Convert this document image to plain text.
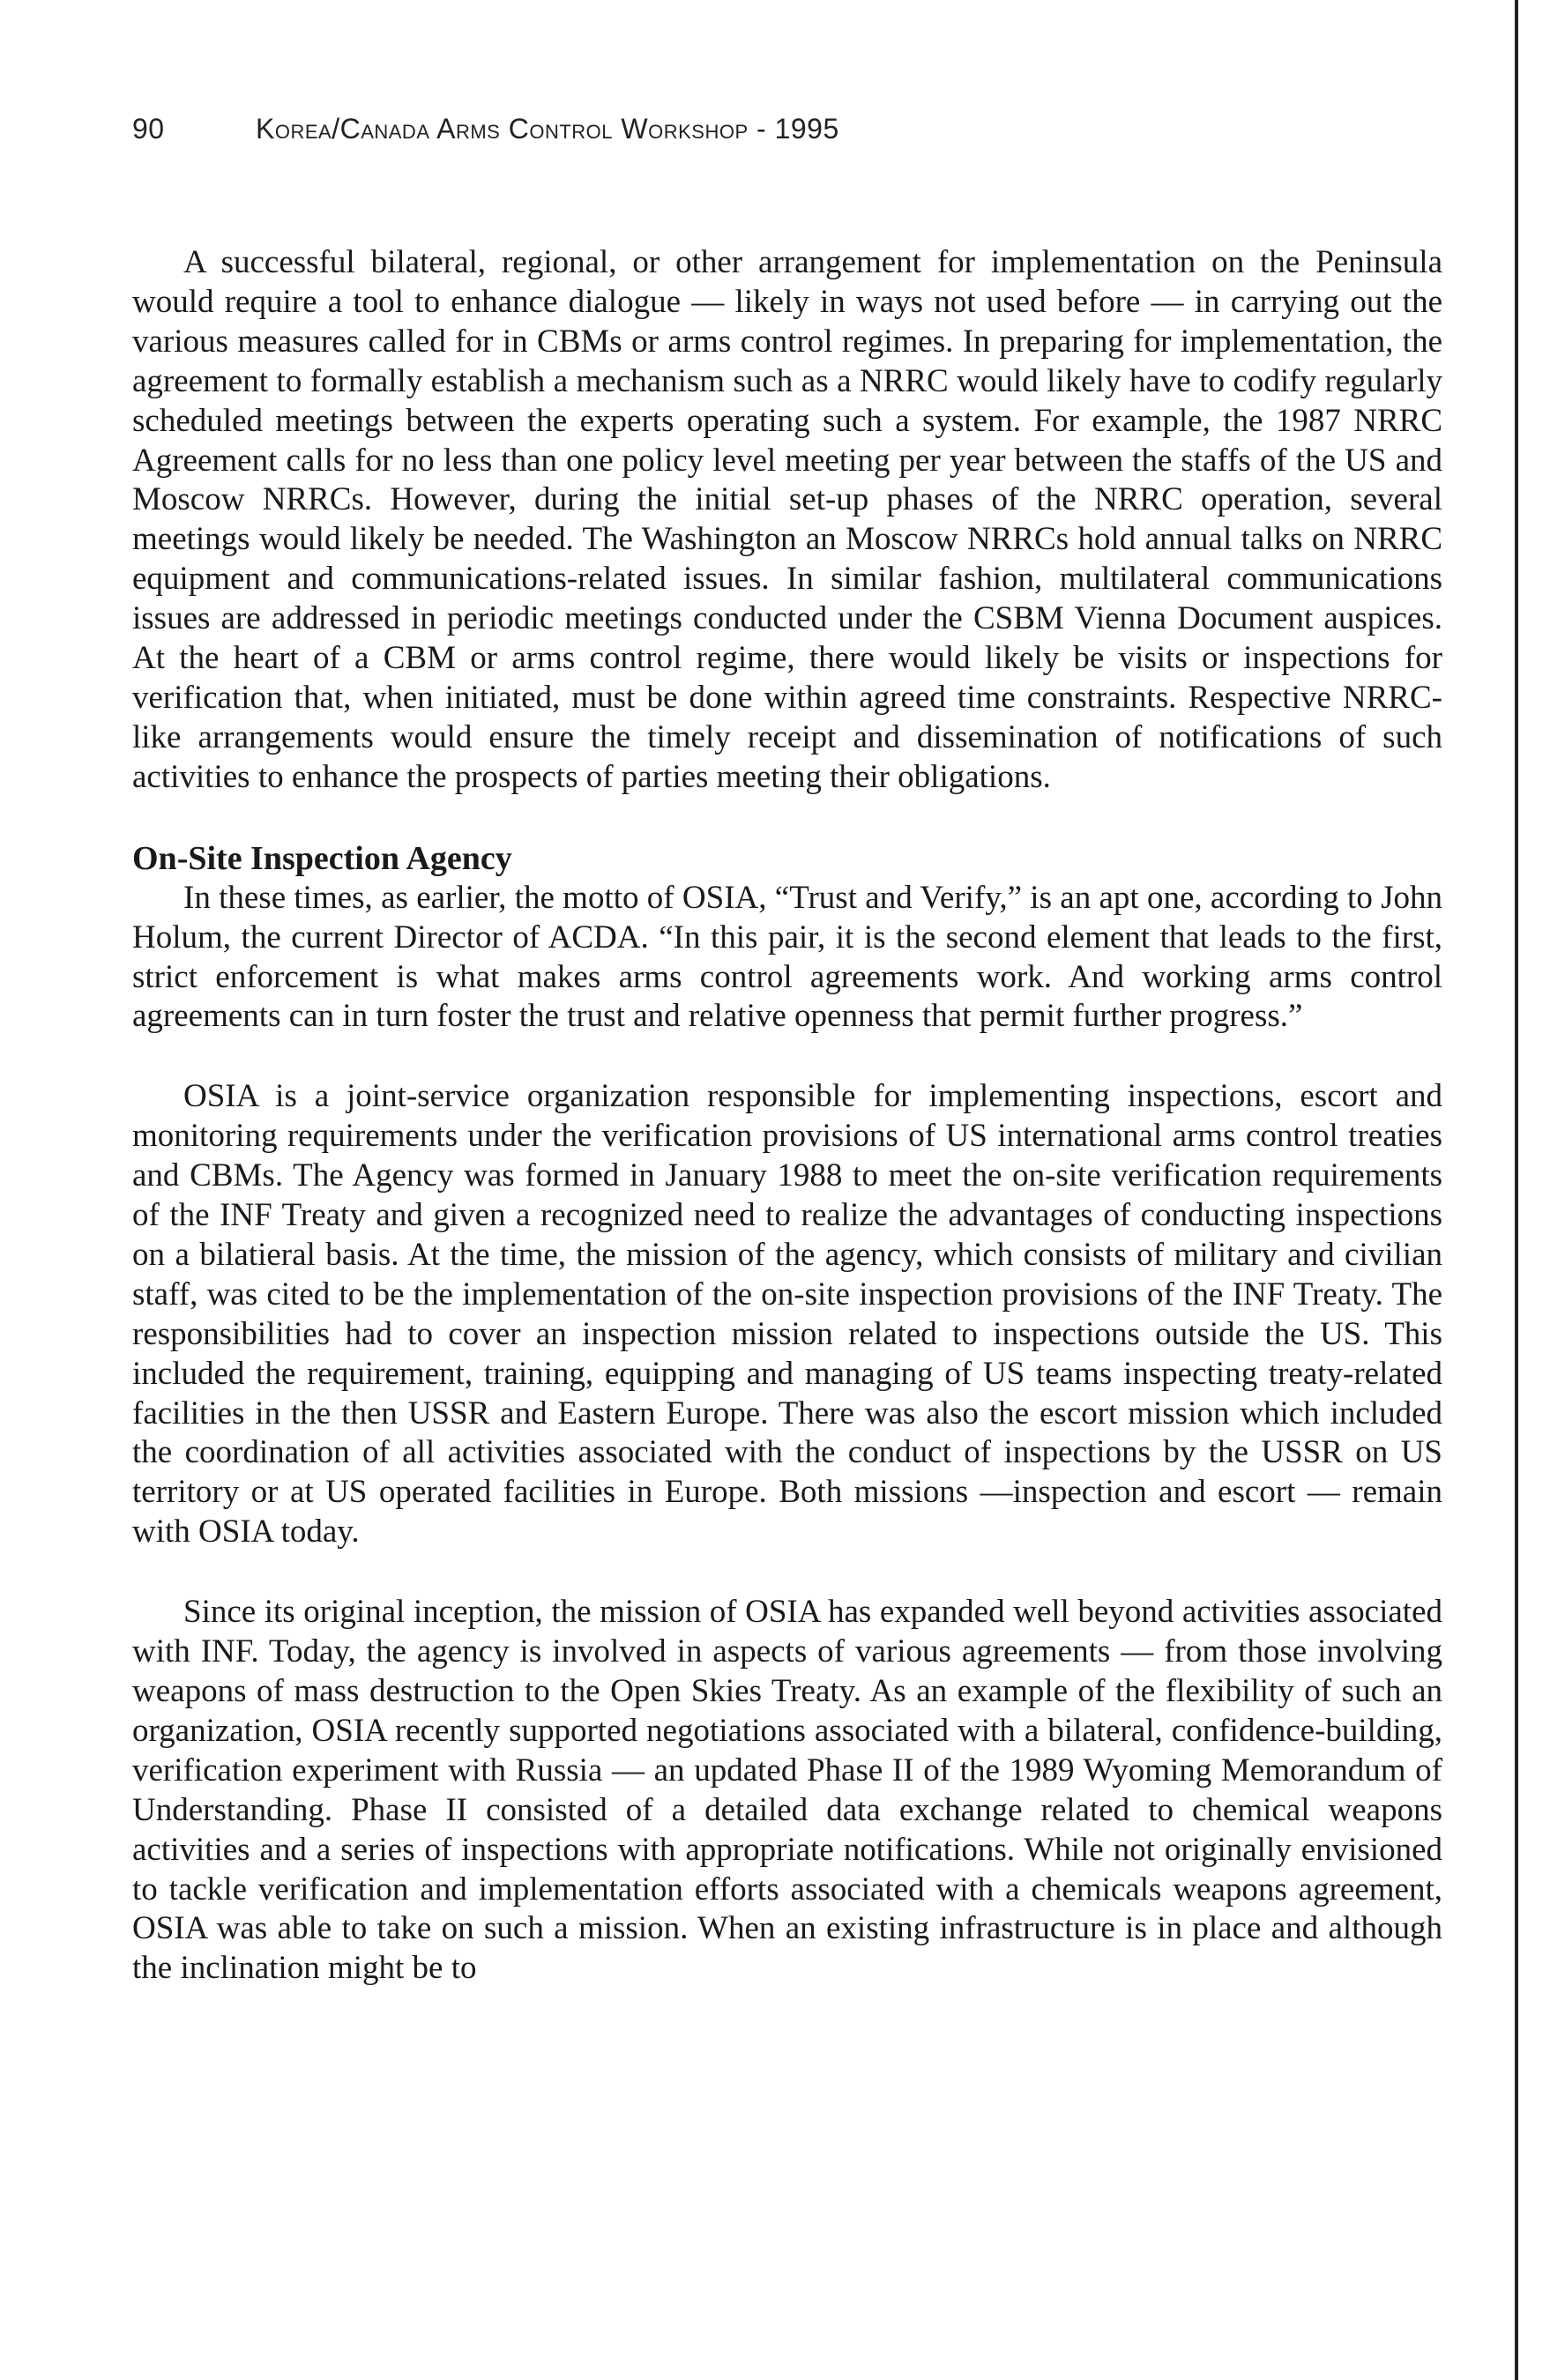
90	Korea/Canada Arms Control Workshop - 1995

A successful bilateral, regional, or other arrangement for implementation on the Peninsula would require a tool to enhance dialogue — likely in ways not used before — in carrying out the various measures called for in CBMs or arms control regimes. In preparing for implementation, the agreement to formally establish a mechanism such as a NRRC would likely have to codify regularly scheduled meetings between the experts operating such a system. For example, the 1987 NRRC Agreement calls for no less than one policy level meeting per year between the staffs of the US and Moscow NRRCs. However, during the initial set-up phases of the NRRC operation, several meetings would likely be needed. The Washington an Moscow NRRCs hold annual talks on NRRC equipment and communications-related issues. In similar fashion, multilateral communications issues are addressed in periodic meetings conducted under the CSBM Vienna Document auspices. At the heart of a CBM or arms control regime, there would likely be visits or inspections for verification that, when initiated, must be done within agreed time constraints. Respective NRRC-like arrangements would ensure the timely receipt and dissemination of notifications of such activities to enhance the prospects of parties meeting their obligations.

On-Site Inspection Agency

In these times, as earlier, the motto of OSIA, “Trust and Verify,” is an apt one, according to John Holum, the current Director of ACDA. “In this pair, it is the second element that leads to the first, strict enforcement is what makes arms control agreements work. And working arms control agreements can in turn foster the trust and relative openness that permit further progress.”

OSIA is a joint-service organization responsible for implementing inspections, escort and monitoring requirements under the verification provisions of US international arms control treaties and CBMs. The Agency was formed in January 1988 to meet the on-site verification requirements of the INF Treaty and given a recognized need to realize the advantages of conducting inspections on a bilatieral basis. At the time, the mission of the agency, which consists of military and civilian staff, was cited to be the implementation of the on-site inspection provisions of the INF Treaty. The responsibilities had to cover an inspection mission related to inspections outside the US. This included the requirement, training, equipping and managing of US teams inspecting treaty-related facilities in the then USSR and Eastern Europe. There was also the escort mission which included the coordination of all activities associated with the conduct of inspections by the USSR on US territory or at US operated facilities in Europe. Both missions —inspection and escort — remain with OSIA today.

Since its original inception, the mission of OSIA has expanded well beyond activities associated with INF. Today, the agency is involved in aspects of various agreements — from those involving weapons of mass destruction to the Open Skies Treaty. As an example of the flexibility of such an organization, OSIA recently supported negotiations associated with a bilateral, confidence-building, verification experiment with Russia — an updated Phase II of the 1989 Wyoming Memorandum of Understanding. Phase II consisted of a detailed data exchange related to chemical weapons activities and a series of inspections with appropriate notifications. While not originally envisioned to tackle verification and implementation efforts associated with a chemicals weapons agreement, OSIA was able to take on such a mission. When an existing infrastructure is in place and although the inclination might be to
